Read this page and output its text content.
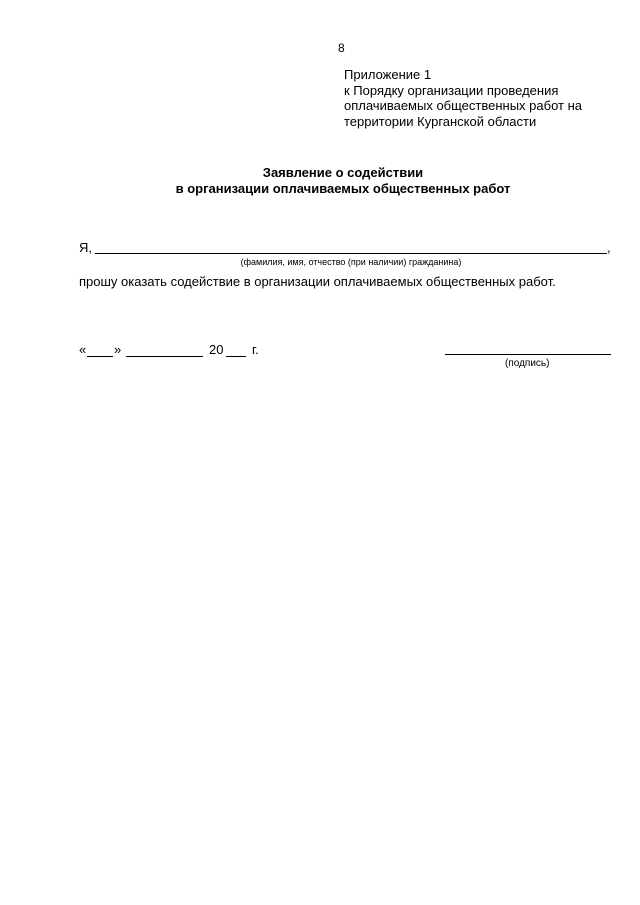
8
Приложение 1
к Порядку организации проведения
оплачиваемых общественных работ на
территории Курганской области
Заявление о содействии
в организации оплачиваемых общественных работ
Я,	,
(фамилия, имя, отчество (при наличии) гражданина)
прошу оказать содействие в организации оплачиваемых общественных работ.
« »	20 г.
(подпись)
